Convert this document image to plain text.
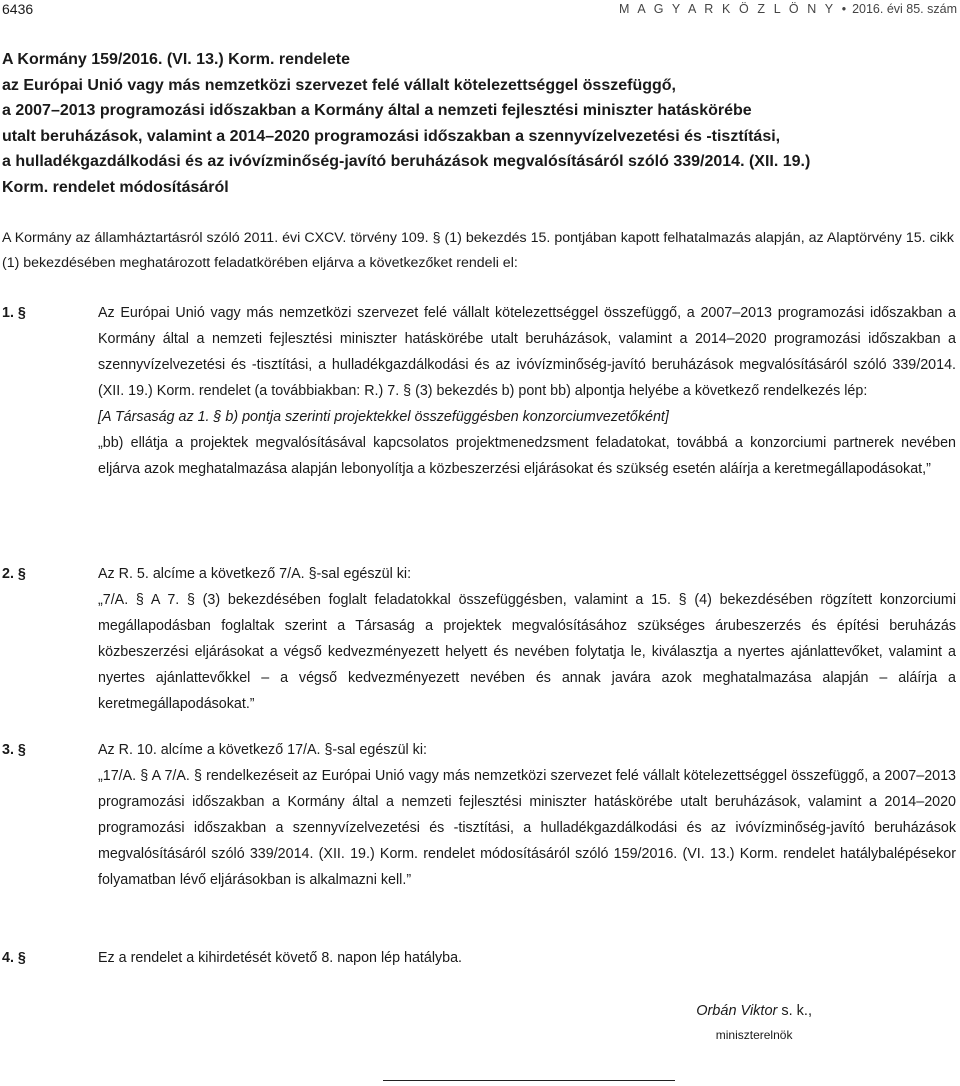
6436	M A G Y A R K Ö Z L Ö N Y • 2016. évi 85. szám
A Kormány 159/2016. (VI. 13.) Korm. rendelete
az Európai Unió vagy más nemzetközi szervezet felé vállalt kötelezettséggel összefüggő,
a 2007–2013 programozási időszakban a Kormány által a nemzeti fejlesztési miniszter hatáskörébe
utalt beruházások, valamint a 2014–2020 programozási időszakban a szennyvízelvezetési és -tisztítási,
a hulladékgazdálkodási és az ivóvízminőség-javító beruházások megvalósításáról szóló 339/2014. (XII. 19.)
Korm. rendelet módosításáról

A Kormány az államháztartásról szóló 2011. évi CXCV. törvény 109. § (1) bekezdés 15. pontjában kapott felhatalmazás alapján, az Alaptörvény 15. cikk (1) bekezdésében meghatározott feladatkörében eljárva a következőket rendeli el:

1. §	Az Európai Unió vagy más nemzetközi szervezet felé vállalt kötelezettséggel összefüggő, a 2007–2013 programozási időszakban a Kormány által a nemzeti fejlesztési miniszter hatáskörébe utalt beruházások, valamint a 2014–2020 programozási időszakban a szennyvízelvezetési és -tisztítási, a hulladékgazdálkodási és az ivóvízminőség-javító beruházások megvalósításáról szóló 339/2014. (XII. 19.) Korm. rendelet (a továbbiakban: R.) 7. § (3) bekezdés b) pont bb) alpontja helyébe a következő rendelkezés lép:

[A Társaság az 1. § b) pontja szerinti projektekkel összefüggésben konzorciumvezetőként]

„bb) ellátja a projektek megvalósításával kapcsolatos projektmenedzsment feladatokat, továbbá a konzorciumi partnerek nevében eljárva azok meghatalmazása alapján lebonyolítja a közbeszerzési eljárásokat és szükség esetén aláírja a keretmegállapodásokat,”

2. §	Az R. 5. alcíme a következő 7/A. §-sal egészül ki:

„7/A. § A 7. § (3) bekezdésében foglalt feladatokkal összefüggésben, valamint a 15. § (4) bekezdésében rögzített konzorciumi megállapodásban foglaltak szerint a Társaság a projektek megvalósításához szükséges árubeszerzés és építési beruházás közbeszerzési eljárásokat a végső kedvezményezett helyett és nevében folytatja le, kiválasztja a nyertes ajánlattevőket, valamint a nyertes ajánlattevőkkel – a végső kedvezményezett nevében és annak javára azok meghatalmazása alapján – aláírja a keretmegállapodásokat.”

3. §	Az R. 10. alcíme a következő 17/A. §-sal egészül ki:

„17/A. § A 7/A. § rendelkezéseit az Európai Unió vagy más nemzetközi szervezet felé vállalt kötelezettséggel összefüggő, a 2007–2013 programozási időszakban a Kormány által a nemzeti fejlesztési miniszter hatáskörébe utalt beruházások, valamint a 2014–2020 programozási időszakban a szennyvízelvezetési és -tisztítási, a hulladékgazdálkodási és az ivóvízminőség-javító beruházások megvalósításáról szóló 339/2014. (XII. 19.) Korm. rendelet módosításáról szóló 159/2016. (VI. 13.) Korm. rendelet hatálybalépésekor folyamatban lévő eljárásokban is alkalmazni kell.”

4. §	Ez a rendelet a kihirdetését követő 8. napon lép hatályba.

Orbán Viktor s. k.,
miniszterelnök
